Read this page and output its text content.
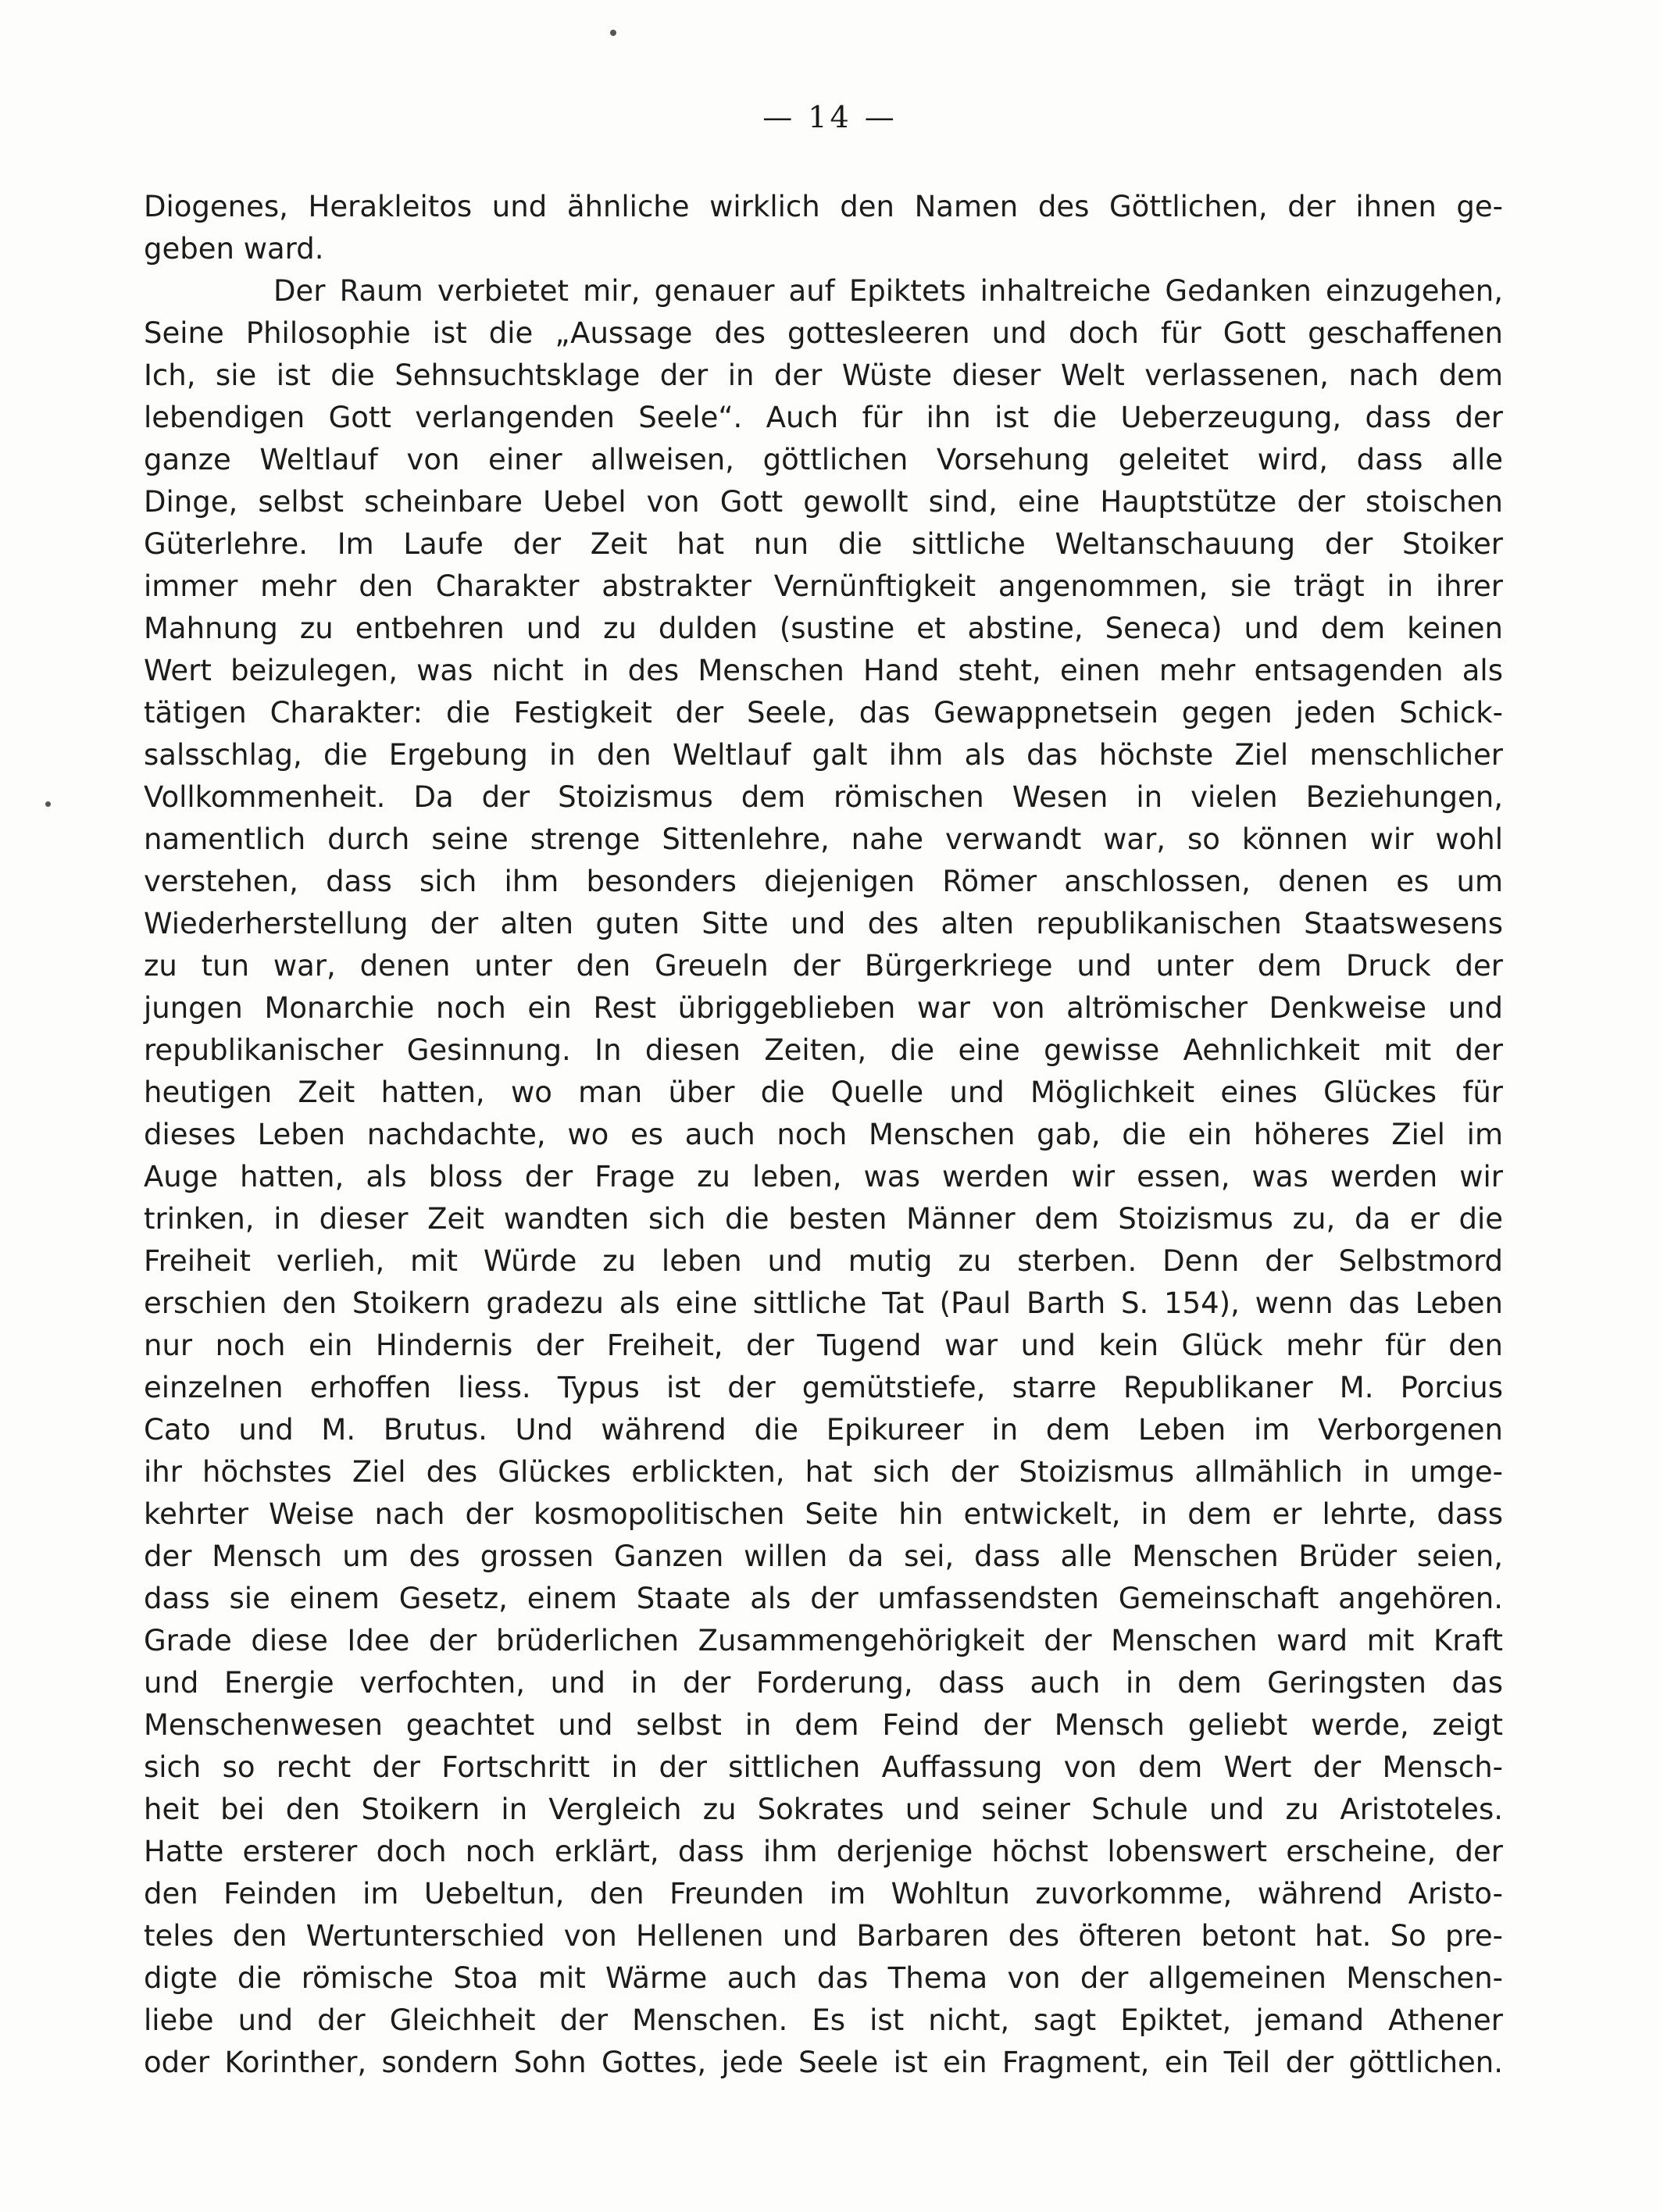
— 14 —
Diogenes, Herakleitos und ähnliche wirklich den Namen des Göttlichen, der ihnen ge-
geben ward.
Der Raum verbietet mir, genauer auf Epiktets inhaltreiche Gedanken einzugehen,
Seine Philosophie ist die „Aussage des gottesleeren und doch für Gott geschaffenen
Ich, sie ist die Sehnsuchtsklage der in der Wüste dieser Welt verlassenen, nach dem
lebendigen Gott verlangenden Seele“. Auch für ihn ist die Ueberzeugung, dass der
ganze Weltlauf von einer allweisen, göttlichen Vorsehung geleitet wird, dass alle
Dinge, selbst scheinbare Uebel von Gott gewollt sind, eine Hauptstütze der stoischen
Güterlehre. Im Laufe der Zeit hat nun die sittliche Weltanschauung der Stoiker
immer mehr den Charakter abstrakter Vernünftigkeit angenommen, sie trägt in ihrer
Mahnung zu entbehren und zu dulden (sustine et abstine, Seneca) und dem keinen
Wert beizulegen, was nicht in des Menschen Hand steht, einen mehr entsagenden als
tätigen Charakter: die Festigkeit der Seele, das Gewappnetsein gegen jeden Schick-
salsschlag, die Ergebung in den Weltlauf galt ihm als das höchste Ziel menschlicher
Vollkommenheit. Da der Stoizismus dem römischen Wesen in vielen Beziehungen,
namentlich durch seine strenge Sittenlehre, nahe verwandt war, so können wir wohl
verstehen, dass sich ihm besonders diejenigen Römer anschlossen, denen es um
Wiederherstellung der alten guten Sitte und des alten republikanischen Staatswesens
zu tun war, denen unter den Greueln der Bürgerkriege und unter dem Druck der
jungen Monarchie noch ein Rest übriggeblieben war von altrömischer Denkweise und
republikanischer Gesinnung. In diesen Zeiten, die eine gewisse Aehnlichkeit mit der
heutigen Zeit hatten, wo man über die Quelle und Möglichkeit eines Glückes für
dieses Leben nachdachte, wo es auch noch Menschen gab, die ein höheres Ziel im
Auge hatten, als bloss der Frage zu leben, was werden wir essen, was werden wir
trinken, in dieser Zeit wandten sich die besten Männer dem Stoizismus zu, da er die
Freiheit verlieh, mit Würde zu leben und mutig zu sterben. Denn der Selbstmord
erschien den Stoikern gradezu als eine sittliche Tat (Paul Barth S. 154), wenn das Leben
nur noch ein Hindernis der Freiheit, der Tugend war und kein Glück mehr für den
einzelnen erhoffen liess. Typus ist der gemütstiefe, starre Republikaner M. Porcius
Cato und M. Brutus. Und während die Epikureer in dem Leben im Verborgenen
ihr höchstes Ziel des Glückes erblickten, hat sich der Stoizismus allmählich in umge-
kehrter Weise nach der kosmopolitischen Seite hin entwickelt, in dem er lehrte, dass
der Mensch um des grossen Ganzen willen da sei, dass alle Menschen Brüder seien,
dass sie einem Gesetz, einem Staate als der umfassendsten Gemeinschaft angehören.
Grade diese Idee der brüderlichen Zusammengehörigkeit der Menschen ward mit Kraft
und Energie verfochten, und in der Forderung, dass auch in dem Geringsten das
Menschenwesen geachtet und selbst in dem Feind der Mensch geliebt werde, zeigt
sich so recht der Fortschritt in der sittlichen Auffassung von dem Wert der Mensch-
heit bei den Stoikern in Vergleich zu Sokrates und seiner Schule und zu Aristoteles.
Hatte ersterer doch noch erklärt, dass ihm derjenige höchst lobenswert erscheine, der
den Feinden im Uebeltun, den Freunden im Wohltun zuvorkomme, während Aristo-
teles den Wertunterschied von Hellenen und Barbaren des öfteren betont hat. So pre-
digte die römische Stoa mit Wärme auch das Thema von der allgemeinen Menschen-
liebe und der Gleichheit der Menschen. Es ist nicht, sagt Epiktet, jemand Athener
oder Korinther, sondern Sohn Gottes, jede Seele ist ein Fragment, ein Teil der göttlichen.
